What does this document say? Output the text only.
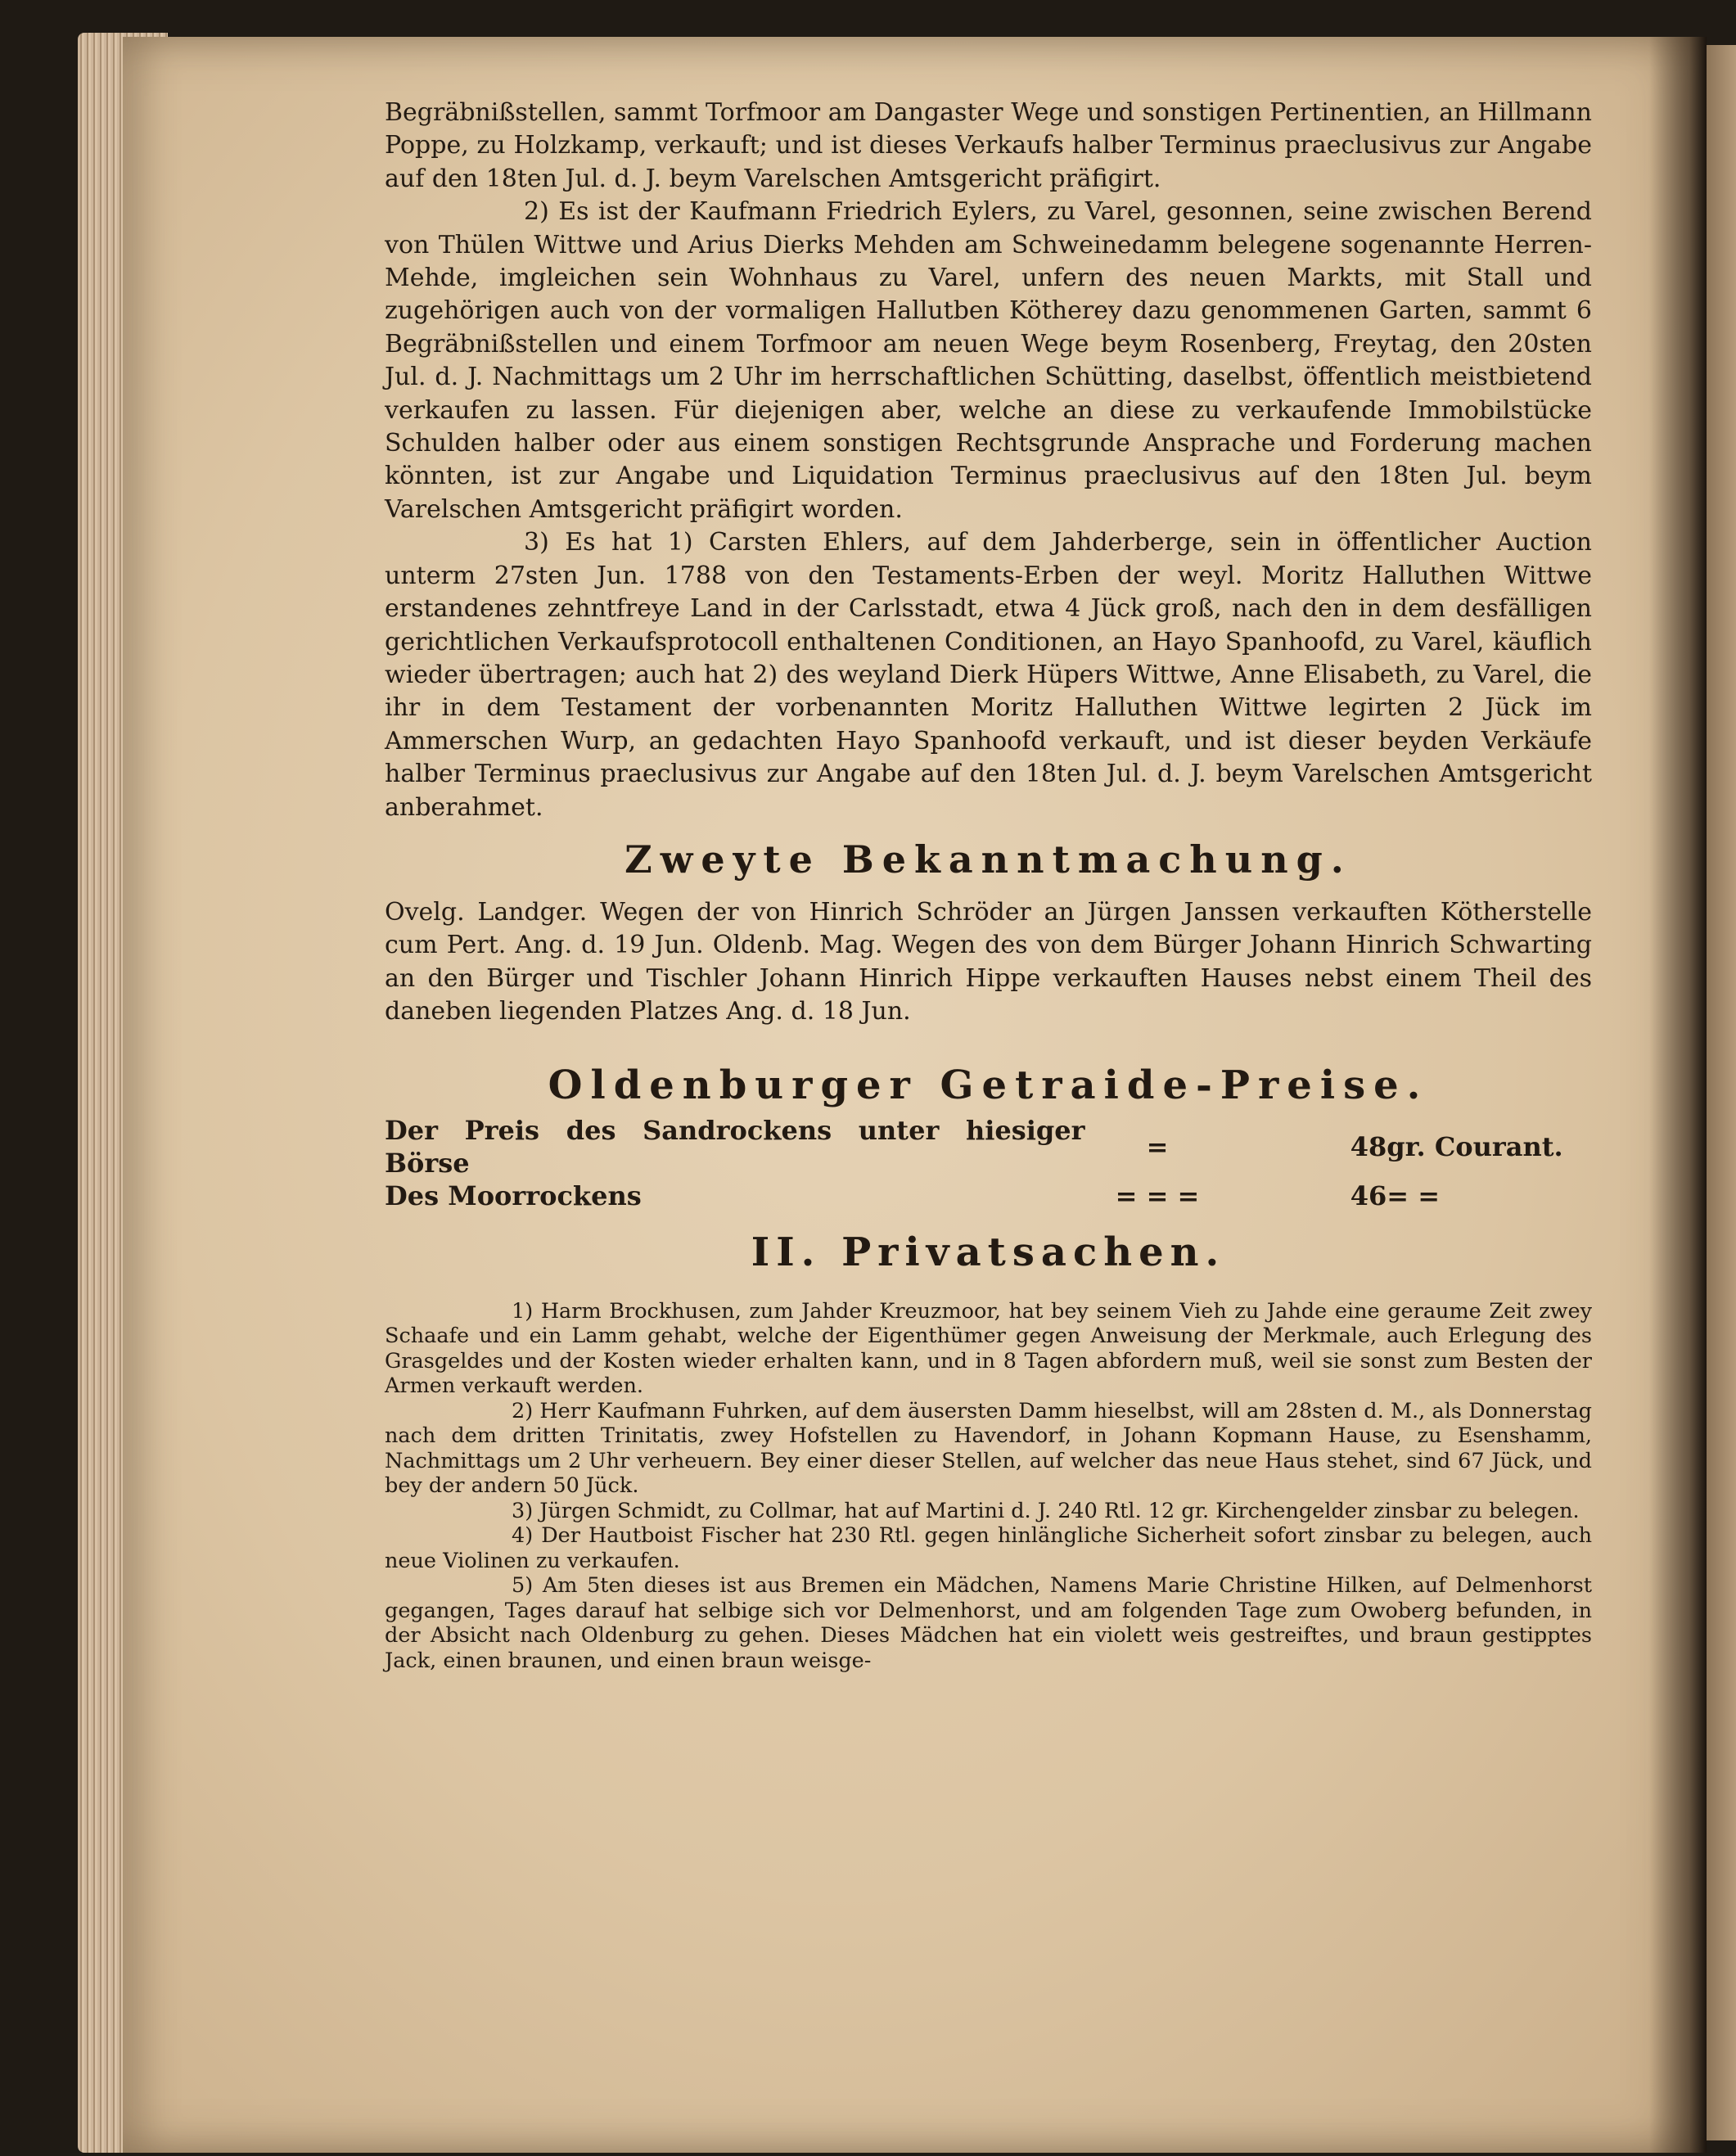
Begräbnißstellen, sammt Torfmoor am Dangaster Wege und sonstigen Pertinentien, an Hillmann Poppe, zu Holzkamp, verkauft; und ist dieses Verkaufs halber Terminus praeclusivus zur Angabe auf den 18ten Jul. d. J. beym Varelschen Amtsgericht präfigirt.

2) Es ist der Kaufmann Friedrich Eylers, zu Varel, gesonnen, seine zwischen Berend von Thülen Wittwe und Arius Dierks Mehden am Schweinedamm belegene sogenannte Herren-Mehde, imgleichen sein Wohnhaus zu Varel, unfern des neuen Markts, mit Stall und zugehörigen auch von der vormaligen Hallutben Kötherey dazu genommenen Garten, sammt 6 Begräbnißstellen und einem Torfmoor am neuen Wege beym Rosenberg, Freytag, den 20sten Jul. d. J. Nachmittags um 2 Uhr im herrschaftlichen Schütting, daselbst, öffentlich meistbietend verkaufen zu lassen. Für diejenigen aber, welche an diese zu verkaufende Immobilstücke Schulden halber oder aus einem sonstigen Rechtsgrunde Ansprache und Forderung machen könnten, ist zur Angabe und Liquidation Terminus praeclusivus auf den 18ten Jul. beym Varelschen Amtsgericht präfigirt worden.

3) Es hat 1) Carsten Ehlers, auf dem Jahderberge, sein in öffentlicher Auction unterm 27sten Jun. 1788 von den Testaments-Erben der weyl. Moritz Halluthen Wittwe erstandenes zehntfreye Land in der Carlsstadt, etwa 4 Jück groß, nach den in dem desfälligen gerichtlichen Verkaufsprotocoll enthaltenen Conditionen, an Hayo Spanhoofd, zu Varel, käuflich wieder übertragen; auch hat 2) des weyland Dierk Hüpers Wittwe, Anne Elisabeth, zu Varel, die ihr in dem Testament der vorbenannten Moritz Halluthen Wittwe legirten 2 Jück im Ammerschen Wurp, an gedachten Hayo Spanhoofd verkauft, und ist dieser beyden Verkäufe halber Terminus praeclusivus zur Angabe auf den 18ten Jul. d. J. beym Varelschen Amtsgericht anberahmet.

Zweyte Bekanntmachung.

Ovelg. Landger. Wegen der von Hinrich Schröder an Jürgen Janssen verkauften Kötherstelle cum Pert. Ang. d. 19 Jun. Oldenb. Mag. Wegen des von dem Bürger Johann Hinrich Schwarting an den Bürger und Tischler Johann Hinrich Hippe verkauften Hauses nebst einem Theil des daneben liegenden Platzes Ang. d. 18 Jun.

Oldenburger Getraide-Preise.
Der Preis des Sandrockens unter hiesiger Börse	=	48	gr. Courant.
Des Moorrockens	= = =	46	= =
II. Privatsachen.

1) Harm Brockhusen, zum Jahder Kreuzmoor, hat bey seinem Vieh zu Jahde eine geraume Zeit zwey Schaafe und ein Lamm gehabt, welche der Eigenthümer gegen Anweisung der Merkmale, auch Erlegung des Grasgeldes und der Kosten wieder erhalten kann, und in 8 Tagen abfordern muß, weil sie sonst zum Besten der Armen verkauft werden.

2) Herr Kaufmann Fuhrken, auf dem äusersten Damm hieselbst, will am 28sten d. M., als Donnerstag nach dem dritten Trinitatis, zwey Hofstellen zu Havendorf, in Johann Kopmann Hause, zu Esenshamm, Nachmittags um 2 Uhr verheuern. Bey einer dieser Stellen, auf welcher das neue Haus stehet, sind 67 Jück, und bey der andern 50 Jück.

3) Jürgen Schmidt, zu Collmar, hat auf Martini d. J. 240 Rtl. 12 gr. Kirchengelder zinsbar zu belegen.

4) Der Hautboist Fischer hat 230 Rtl. gegen hinlängliche Sicherheit sofort zinsbar zu belegen, auch neue Violinen zu verkaufen.

5) Am 5ten dieses ist aus Bremen ein Mädchen, Namens Marie Christine Hilken, auf Delmenhorst gegangen, Tages darauf hat selbige sich vor Delmenhorst, und am folgenden Tage zum Owoberg befunden, in der Absicht nach Oldenburg zu gehen. Dieses Mädchen hat ein violett weis gestreiftes, und braun gestipptes Jack, einen braunen, und einen braun weisge-
